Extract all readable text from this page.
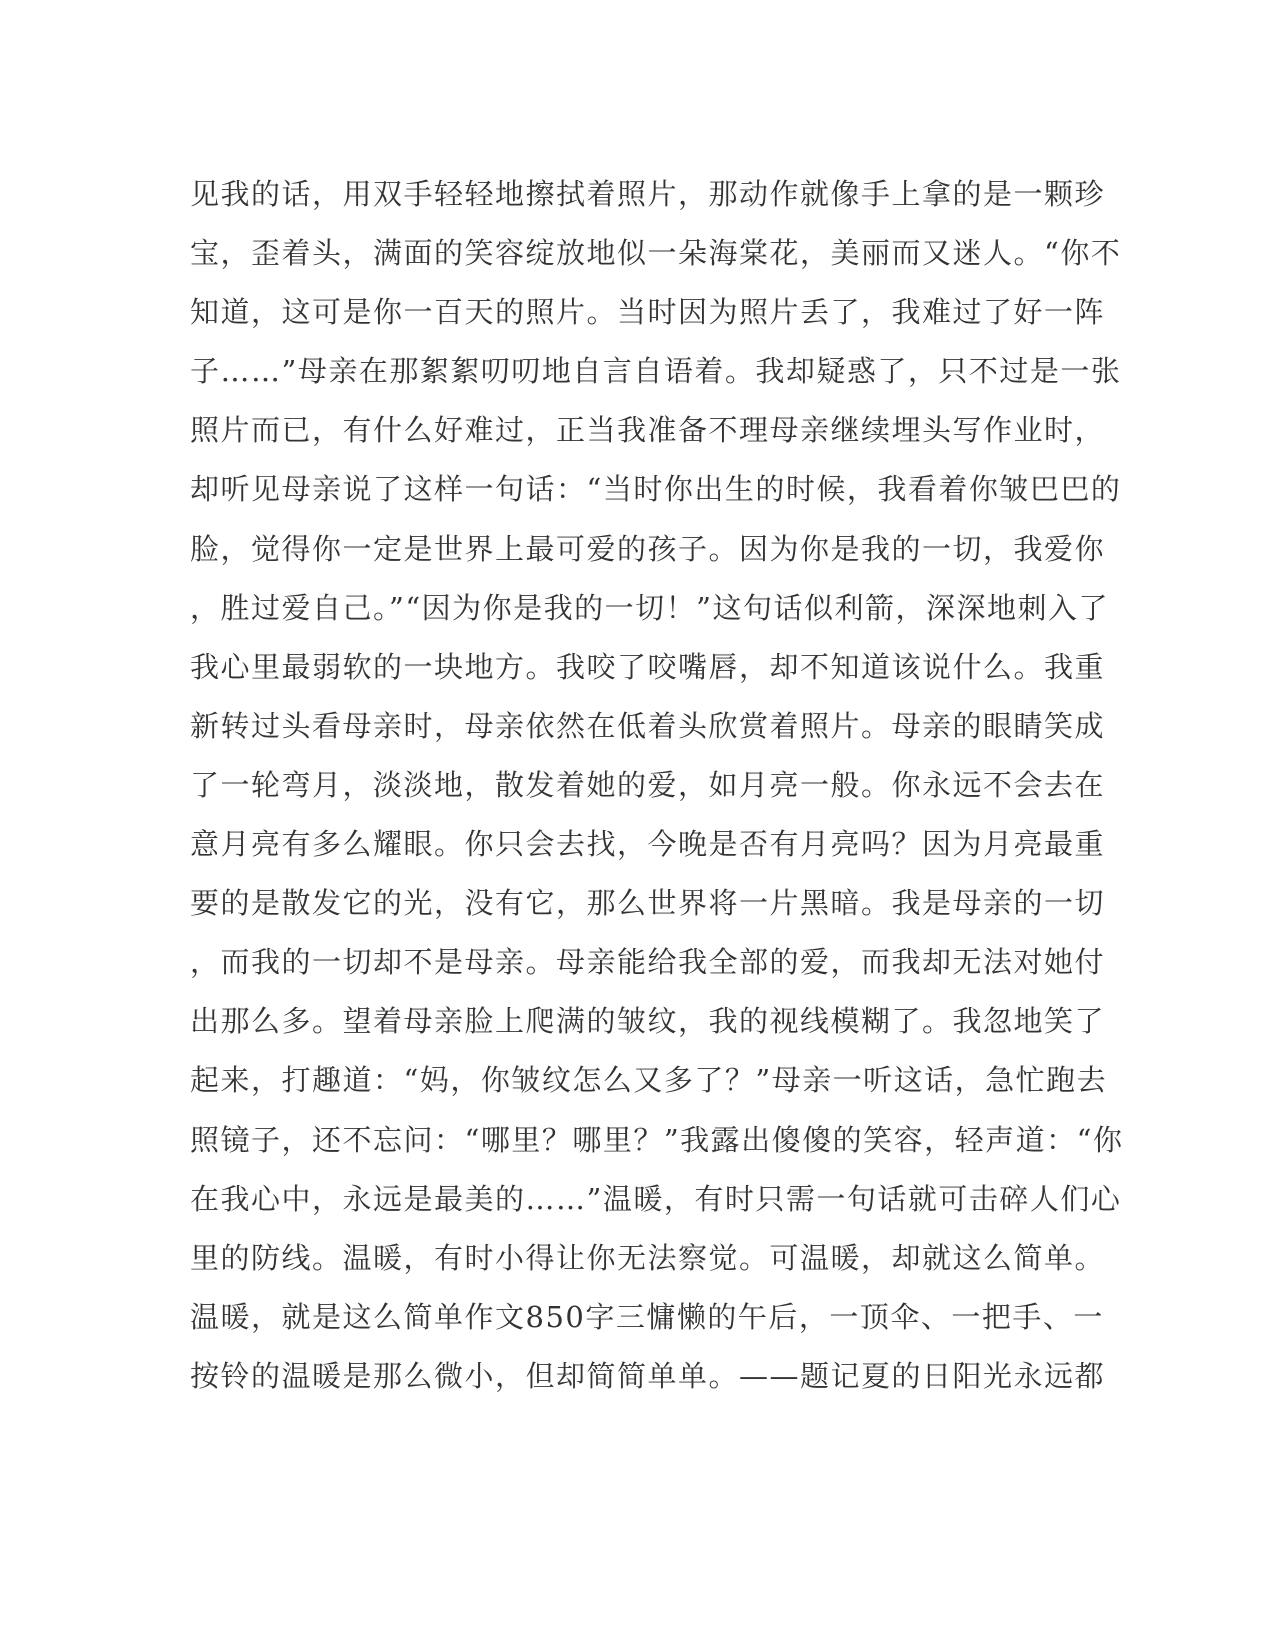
见我的话，用双手轻轻地擦拭着照片，那动作就像手上拿的是一颗珍
宝，歪着头，满面的笑容绽放地似一朵海棠花，美丽而又迷人。“你不
知道，这可是你一百天的照片。当时因为照片丢了，我难过了好一阵
子……”母亲在那絮絮叨叨地自言自语着。我却疑惑了，只不过是一张
照片而已，有什么好难过，正当我准备不理母亲继续埋头写作业时，
却听见母亲说了这样一句话：“当时你出生的时候，我看着你皱巴巴的
脸，觉得你一定是世界上最可爱的孩子。因为你是我的一切，我爱你
，胜过爱自己。”“因为你是我的一切！”这句话似利箭，深深地刺入了
我心里最弱软的一块地方。我咬了咬嘴唇，却不知道该说什么。我重
新转过头看母亲时，母亲依然在低着头欣赏着照片。母亲的眼睛笑成
了一轮弯月，淡淡地，散发着她的爱，如月亮一般。你永远不会去在
意月亮有多么耀眼。你只会去找，今晚是否有月亮吗？因为月亮最重
要的是散发它的光，没有它，那么世界将一片黑暗。我是母亲的一切
，而我的一切却不是母亲。母亲能给我全部的爱，而我却无法对她付
出那么多。望着母亲脸上爬满的皱纹，我的视线模糊了。我忽地笑了
起来，打趣道：“妈，你皱纹怎么又多了？”母亲一听这话，急忙跑去
照镜子，还不忘问：“哪里？哪里？”我露出傻傻的笑容，轻声道：“你
在我心中，永远是最美的……”温暖，有时只需一句话就可击碎人们心
里的防线。温暖，有时小得让你无法察觉。可温暖，却就这么简单。
温暖，就是这么简单作文850字三慵懒的午后，一顶伞、一把手、一
按铃的温暖是那么微小，但却简简单单。——题记夏的日阳光永远都
